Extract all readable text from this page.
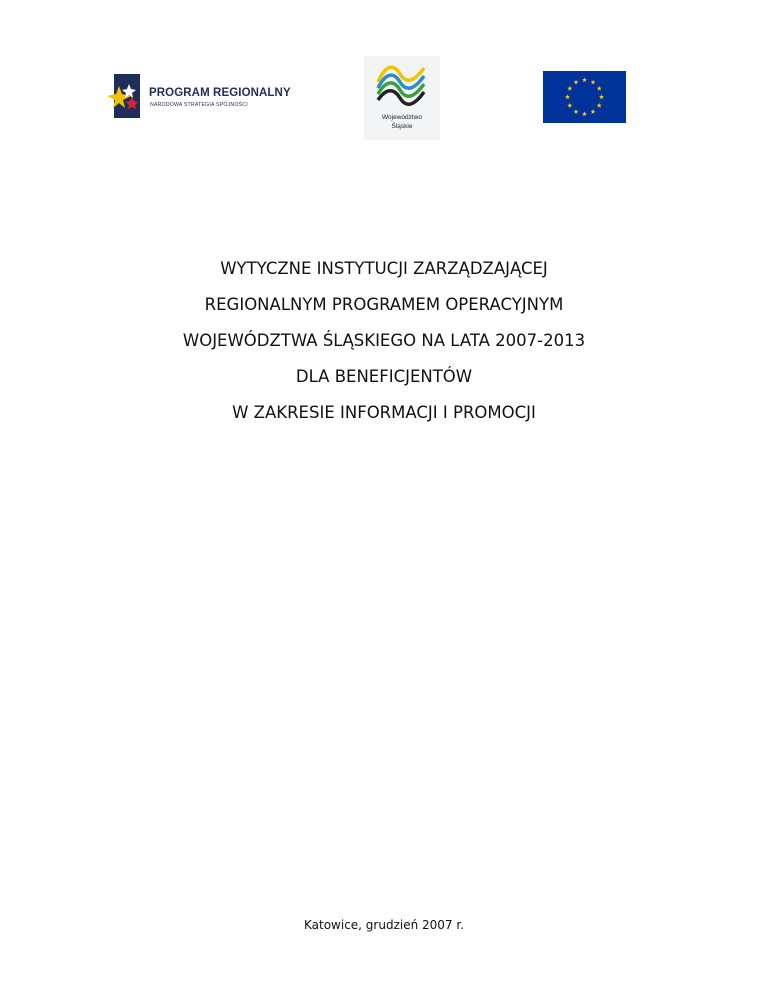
PROGRAM REGIONALNY
NARODOWA STRATEGIA SPÓJNOŚCI
Województwo
Śląskie
WYTYCZNE INSTYTUCJI ZARZĄDZAJĄCEJ
REGIONALNYM PROGRAMEM OPERACYJNYM
WOJEWÓDZTWA ŚLĄSKIEGO NA LATA 2007-2013
DLA BENEFICJENTÓW
W ZAKRESIE INFORMACJI I PROMOCJI
Katowice, grudzień 2007 r.
